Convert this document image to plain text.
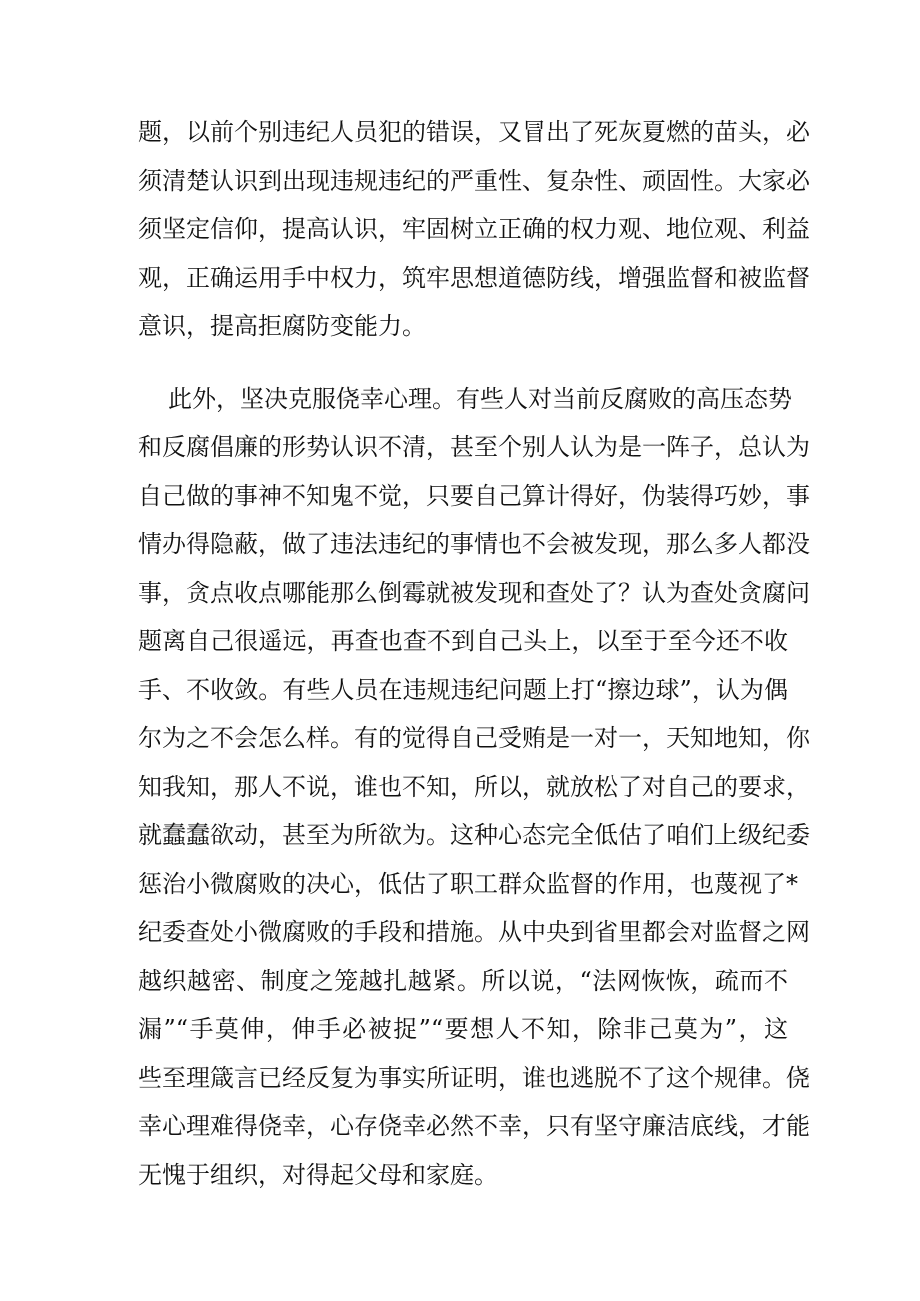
题，以前个别违纪人员犯的错误，又冒出了死灰夏燃的苗头，必
须清楚认识到出现违规违纪的严重性、复杂性、顽固性。大家必
须坚定信仰，提高认识，牢固树立正确的权力观、地位观、利益
观，正确运用手中权力，筑牢思想道德防线，增强监督和被监督
意识，提高拒腐防变能力。
此外，坚决克服侥幸心理。有些人对当前反腐败的高压态势
和反腐倡廉的形势认识不清，甚至个别人认为是一阵子，总认为
自己做的事神不知鬼不觉，只要自己算计得好，伪装得巧妙，事
情办得隐蔽，做了违法违纪的事情也不会被发现，那么多人都没
事，贪点收点哪能那么倒霉就被发现和查处了？认为查处贪腐问
题离自己很遥远，再查也查不到自己头上，以至于至今还不收
手、不收敛。有些人员在违规违纪问题上打“擦边球”，认为偶
尔为之不会怎么样。有的觉得自己受贿是一对一，天知地知，你
知我知，那人不说，谁也不知，所以，就放松了对自己的要求，
就蠢蠢欲动，甚至为所欲为。这种心态完全低估了咱们上级纪委
惩治小微腐败的决心，低估了职工群众监督的作用，也蔑视了*
纪委查处小微腐败的手段和措施。从中央到省里都会对监督之网
越织越密、制度之笼越扎越紧。所以说，“法网恢恢，疏而不
漏”“手莫伸，伸手必被捉”“要想人不知，除非己莫为”，这
些至理箴言已经反复为事实所证明，谁也逃脱不了这个规律。侥
幸心理难得侥幸，心存侥幸必然不幸，只有坚守廉洁底线，才能
无愧于组织，对得起父母和家庭。
